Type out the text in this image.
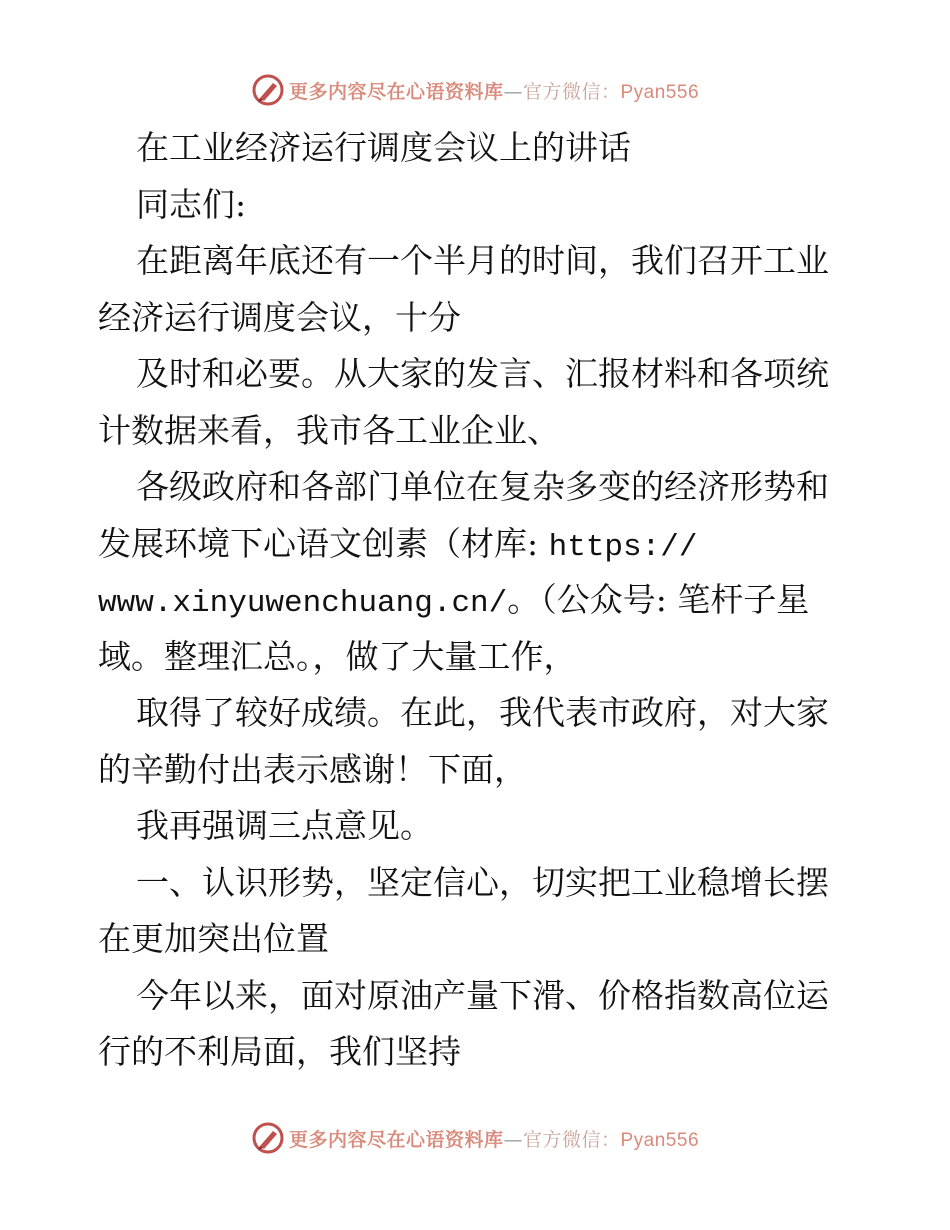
更多内容尽在心语资料库—官方微信：Pyan556
在工业经济运行调度会议上的讲话
同志们:
在距离年底还有一个半月的时间，我们召开工业
经济运行调度会议，十分
及时和必要。从大家的发言、汇报材料和各项统
计数据来看，我市各工业企业、
各级政府和各部门单位在复杂多变的经济形势和
发展环境下心语文创素（材库: https://
www.xinyuwenchuang.cn/。（公众号: 笔杆子星
域。整理汇总。，做了大量工作，
取得了较好成绩。在此，我代表市政府，对大家
的辛勤付出表示感谢！下面，
我再强调三点意见。
一、认识形势，坚定信心，切实把工业稳增长摆
在更加突出位置
今年以来，面对原油产量下滑、价格指数高位运
行的不利局面，我们坚持
更多内容尽在心语资料库—官方微信：Pyan556
